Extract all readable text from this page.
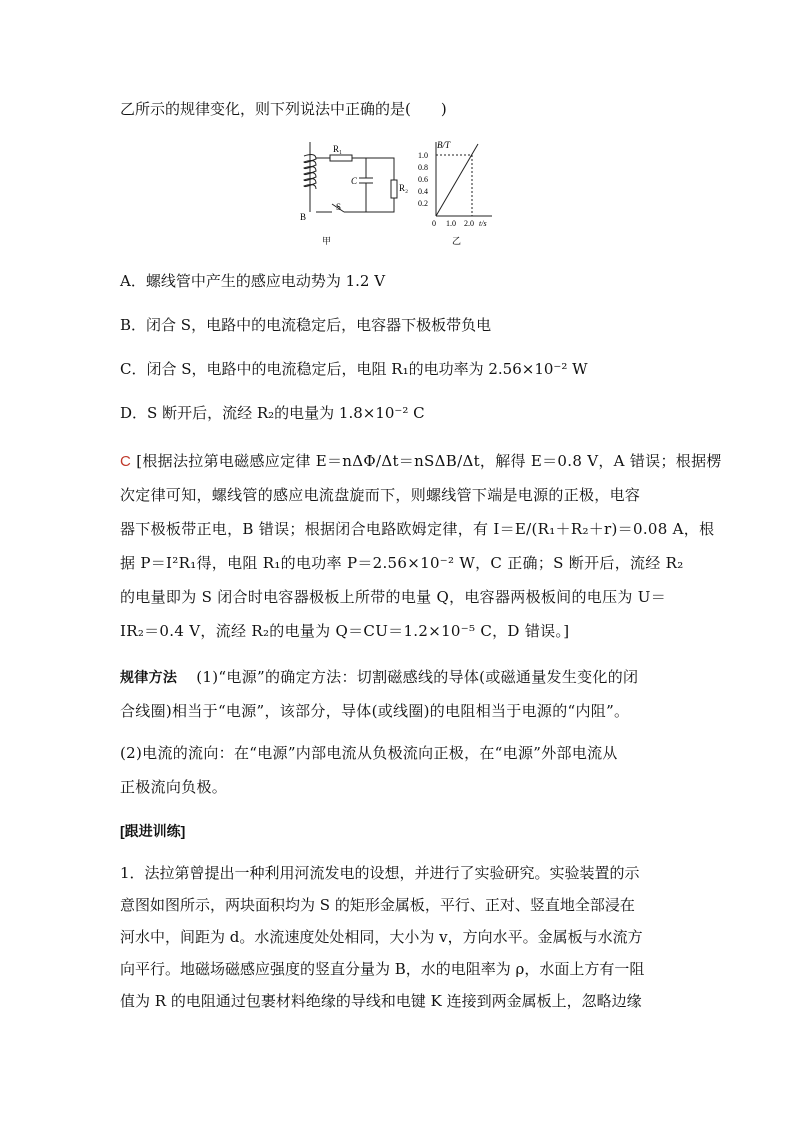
乙所示的规律变化，则下列说法中正确的是(　　)
R₁
R₂
C
B
S
甲
B/T
1.0
0.8
0.6
0.4
0.2
0 1.0 2.0 t/s
乙
A．螺线管中产生的感应电动势为 1.2 V
B．闭合 S，电路中的电流稳定后，电容器下极板带负电
C．闭合 S，电路中的电流稳定后，电阻 R₁的电功率为 2.56×10⁻² W
D．S 断开后，流经 R₂的电量为 1.8×10⁻² C
C [根据法拉第电磁感应定律 E＝nΔΦ/Δt＝nSΔB/Δt，解得 E＝0.8 V，A 错误；根据楞
次定律可知，螺线管的感应电流盘旋而下，则螺线管下端是电源的正极，电容
器下极板带正电，B 错误；根据闭合电路欧姆定律，有 I＝E/(R₁＋R₂＋r)＝0.08 A，根
据 P＝I²R₁得，电阻 R₁的电功率 P＝2.56×10⁻² W，C 正确；S 断开后，流经 R₂
的电量即为 S 闭合时电容器极板上所带的电量 Q，电容器两极板间的电压为 U＝
IR₂＝0.4 V，流经 R₂的电量为 Q＝CU＝1.2×10⁻⁵ C，D 错误。]
规律方法 (1)“电源”的确定方法：切割磁感线的导体(或磁通量发生变化的闭
合线圈)相当于“电源”，该部分，导体(或线圈)的电阻相当于电源的“内阻”。
(2)电流的流向：在“电源”内部电流从负极流向正极，在“电源”外部电流从
正极流向负极。
[跟进训练]
1．法拉第曾提出一种利用河流发电的设想，并进行了实验研究。实验装置的示
意图如图所示，两块面积均为 S 的矩形金属板，平行、正对、竖直地全部浸在
河水中，间距为 d。水流速度处处相同，大小为 v，方向水平。金属板与水流方
向平行。地磁场磁感应强度的竖直分量为 B，水的电阻率为 ρ，水面上方有一阻
值为 R 的电阻通过包裹材料绝缘的导线和电键 K 连接到两金属板上，忽略边缘
